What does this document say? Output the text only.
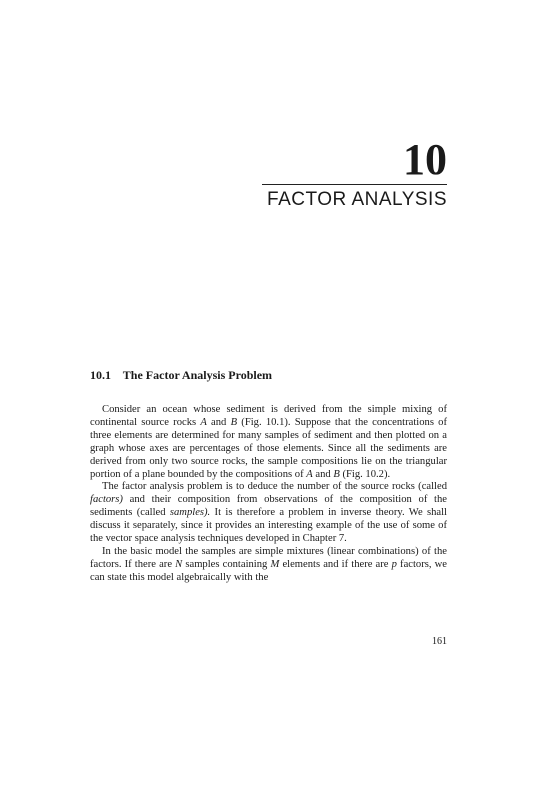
10
FACTOR ANALYSIS
10.1 The Factor Analysis Problem

Consider an ocean whose sediment is derived from the simple mixing of continental source rocks A and B (Fig. 10.1). Suppose that the concentrations of three elements are determined for many samples of sediment and then plotted on a graph whose axes are percentages of those elements. Since all the sediments are derived from only two source rocks, the sample compositions lie on the triangular portion of a plane bounded by the compositions of A and B (Fig. 10.2).

The factor analysis problem is to deduce the number of the source rocks (called factors) and their composition from observations of the composition of the sediments (called samples). It is therefore a problem in inverse theory. We shall discuss it separately, since it provides an interesting example of the use of some of the vector space analysis techniques developed in Chapter 7.

In the basic model the samples are simple mixtures (linear combinations) of the factors. If there are N samples containing M elements and if there are p factors, we can state this model algebraically with the

161
